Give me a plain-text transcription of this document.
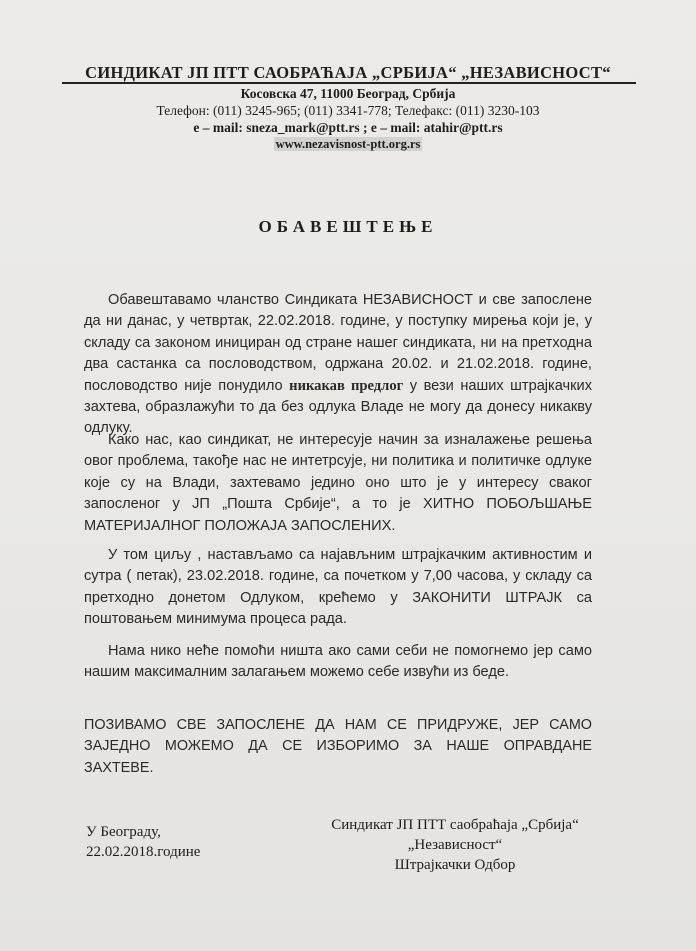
СИНДИКАТ ЈП ПТТ САОБРАЋАЈА „СРБИЈА“ „НЕЗАВИСНОСТ“
Косовска 47, 11000 Београд, Србија
Телефон: (011) 3245-965; (011) 3341-778; Телефакс: (011) 3230-103
e – mail: sneza_mark@ptt.rs ; e – mail: atahir@ptt.rs
www.nezavisnost-ptt.org.rs
ОБАВЕШТЕЊЕ
Обавештавамо чланство Синдиката НЕЗАВИСНОСТ и све запослене да ни данас, у четвртак, 22.02.2018. године, у поступку мирења који је, у складу са законом инициран од стране нашег синдиката, ни на претходна два састанка са пословодством, одржана 20.02. и 21.02.2018. године, пословодство није понудило никакав предлог у вези наших штрајкачких захтева, образлажући то да без одлука Владе не могу да донесу никакву одлуку.
Како нас, као синдикат, не интересује начин за изналажење решења овог проблема, такође нас не интетрсује, ни политика и политичке одлуке које су на Влади, захтевамо једино оно што је у интересу сваког запосленог у ЈП „Пошта Србије“, а то је ХИТНО ПОБОЉШАЊЕ МАТЕРИЈАЛНОГ ПОЛОЖАЈА ЗАПОСЛЕНИХ.
У том циљу , настављамо са најављним штрајкачким активностим и сутра ( петак), 23.02.2018. године, са почетком у 7,00 часова, у складу са претходно донетом Одлуком, крећемо у ЗАКОНИТИ ШТРАЈК са поштовањем минимума процеса рада.
Нама нико неће помоћи ништа ако сами себи не помогнемо јер само нашим максималним залагањем можемо себе извући из беде.
ПОЗИВАМО СВЕ ЗАПОСЛЕНЕ ДА НАМ СЕ ПРИДРУЖЕ, ЈЕР САМО ЗАЈЕДНО МОЖЕМО ДА СЕ ИЗБОРИМО ЗА НАШЕ ОПРАВДАНЕ ЗАХТЕВЕ.
У Београду,
22.02.2018.године
Синдикат ЈП ПТТ саобраћаја „Србија“
„Независност“
Штрајкачки Одбор
